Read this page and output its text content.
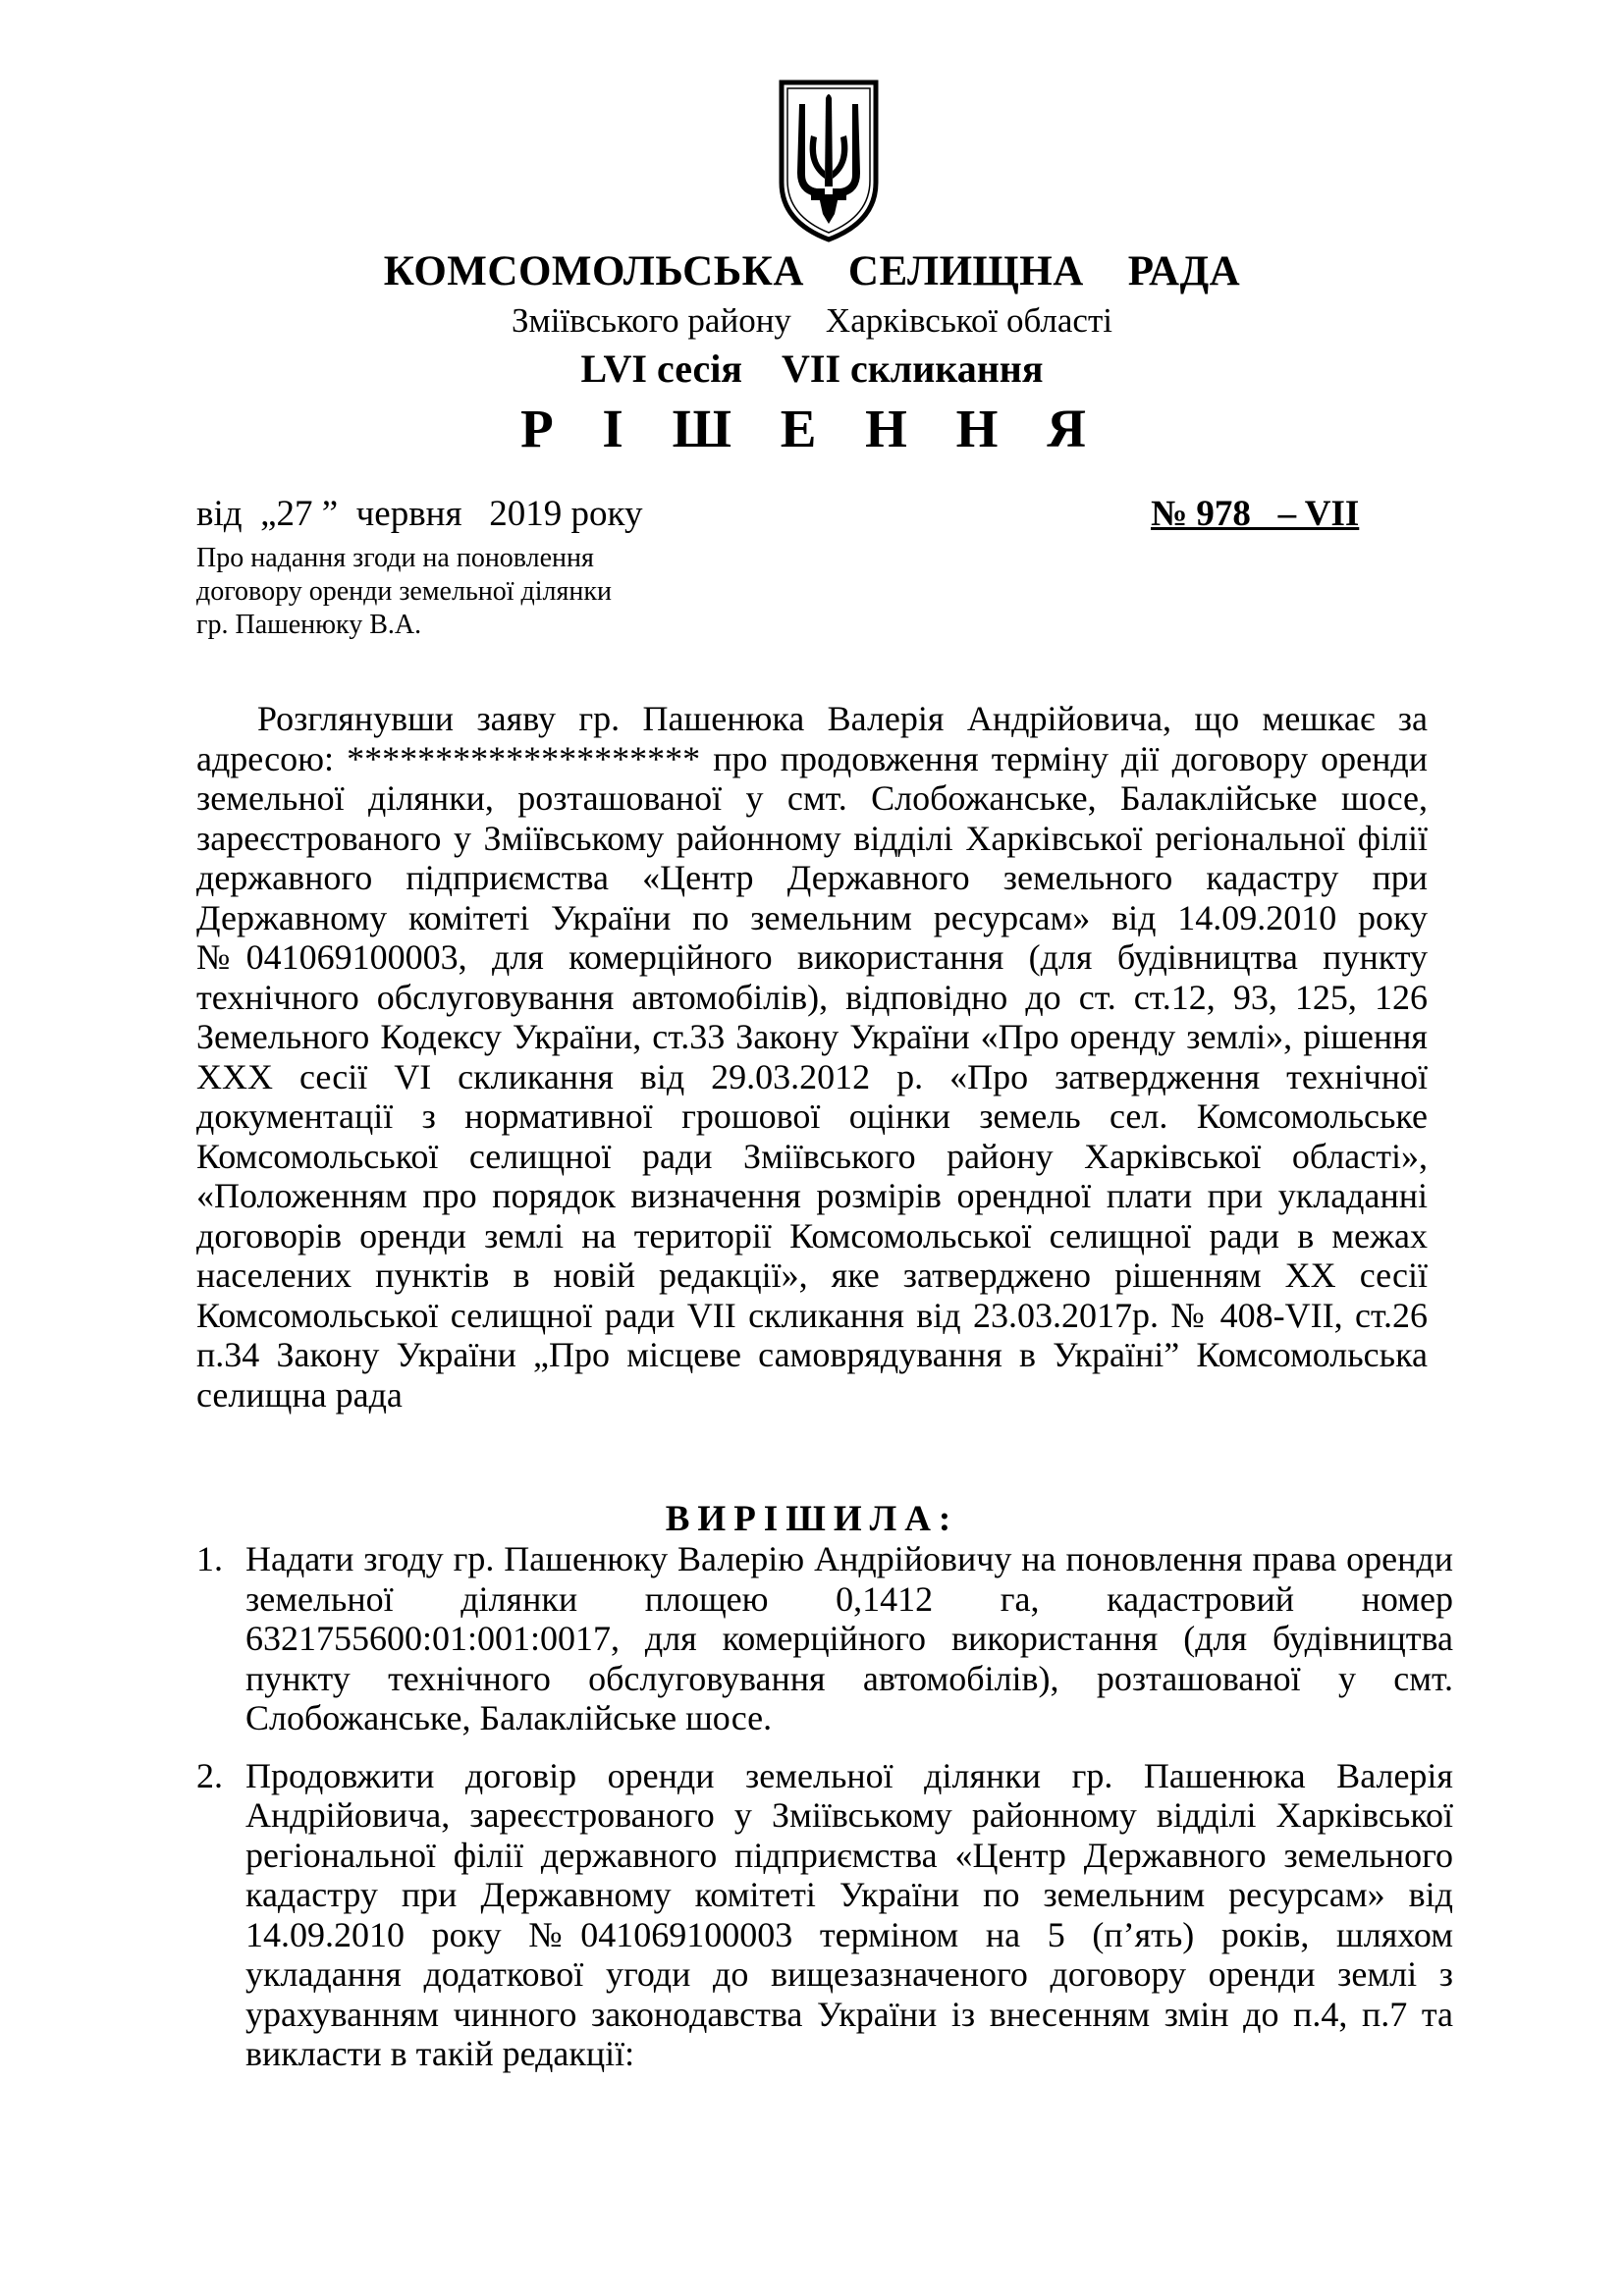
КОМСОМОЛЬСЬКА    СЕЛИЩНА    РАДА
Зміївського району    Харківської області
LVI сесія    VII скликання
Р І Ш Е Н Н Я
від  „27 ”  червня   2019 року	№ 978   – VII
Про надання згоди на поновлення
договору оренди земельної ділянки
гр. Пашенюку В.А.
Розглянувши заяву гр. Пашенюка Валерія Андрійовича, що мешкає за адресою: ******************** про продовження терміну дії договору оренди земельної ділянки, розташованої у смт. Слобожанське, Балаклійське шосе, зареєстрованого у Зміївському районному відділі Харківської регіональної філії державного підприємства «Центр Державного земельного кадастру при Державному комітеті України по земельним ресурсам» від 14.09.2010 року №041069100003, для комерційного використання (для будівництва пункту технічного обслуговування автомобілів), відповідно до ст. ст.12, 93, 125, 126 Земельного Кодексу України, ст.33 Закону України «Про оренду землі», рішення XXX сесії VI скликання від 29.03.2012 р. «Про затвердження технічної документації з нормативної грошової оцінки земель сел. Комсомольське Комсомольської селищної ради Зміївського району Харківської області», «Положенням про порядок визначення розмірів орендної плати при укладанні договорів оренди землі на території Комсомольської селищної ради в межах населених пунктів в новій редакції», яке затверджено рішенням XX сесії Комсомольської селищної ради VII скликання від 23.03.2017р. № 408-VII, ст.26 п.34 Закону України „Про місцеве самоврядування в Україні” Комсомольська селищна рада
ВИРІШИЛА:
1. Надати згоду гр. Пашенюку Валерію Андрійовичу на поновлення права оренди земельної ділянки площею 0,1412 га, кадастровий номер 6321755600:01:001:0017, для комерційного використання (для будівництва пункту технічного обслуговування автомобілів), розташованої у смт. Слобожанське, Балаклійське шосе.
2. Продовжити договір оренди земельної ділянки гр. Пашенюка Валерія Андрійовича, зареєстрованого у Зміївському районному відділі Харківської регіональної філії державного підприємства «Центр Державного земельного кадастру при Державному комітеті України по земельним ресурсам» від 14.09.2010 року №041069100003 терміном на 5 (п’ять) років, шляхом укладання додаткової угоди до вищезазначеного договору оренди землі з урахуванням чинного законодавства України із внесенням змін до п.4, п.7 та викласти в такій редакції:
